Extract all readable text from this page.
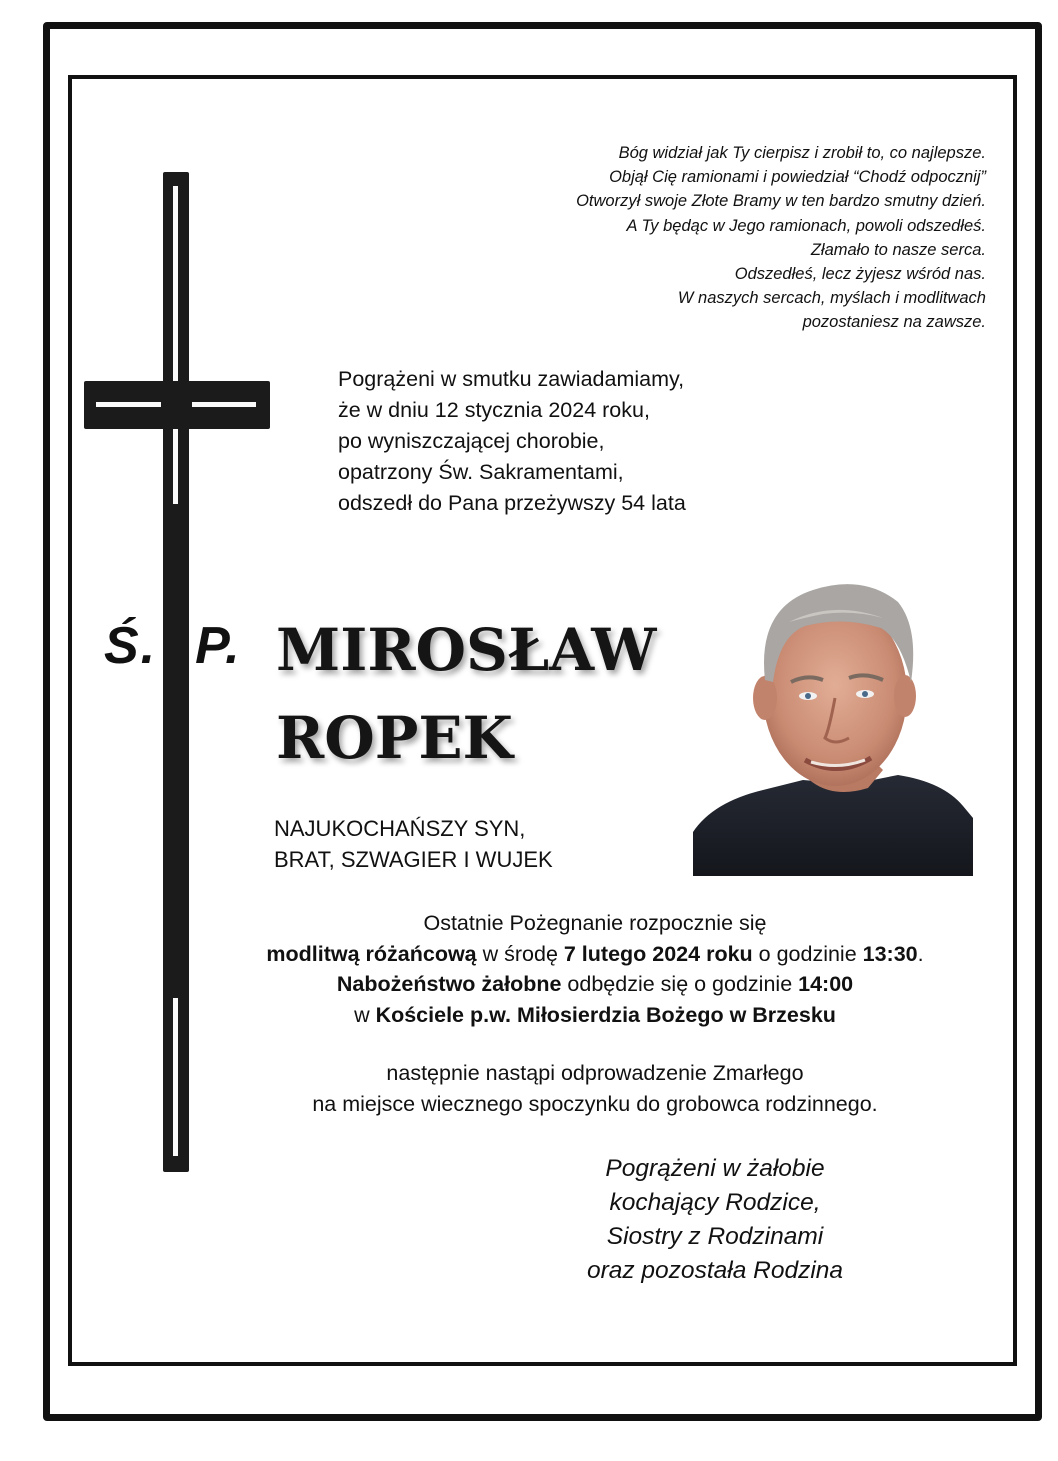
Bóg widział jak Ty cierpisz i zrobił to, co najlepsze.
Objął Cię ramionami i powiedział “Chodź odpocznij”
Otworzył swoje Złote Bramy w ten bardzo smutny dzień.
A Ty będąc w Jego ramionach, powoli odszedłeś.
Złamało to nasze serca.
Odszedłeś, lecz żyjesz wśród nas.
W naszych sercach, myślach i modlitwach
pozostaniesz na zawsze.
Pogrążeni w smutku zawiadamiamy,
że w dniu 12 stycznia 2024 roku,
po wyniszczającej chorobie,
opatrzony Św. Sakramentami,
odszedł do Pana przeżywszy 54 lata
Ś. P. MIROSŁAW
ROPEK
NAJUKOCHAŃSZY SYN,
BRAT, SZWAGIER I WUJEK
Ostatnie Pożegnanie rozpocznie się
modlitwą różańcową w środę 7 lutego 2024 roku o godzinie 13:30.
Nabożeństwo żałobne odbędzie się o godzinie 14:00
w Kościele p.w. Miłosierdzia Bożego w Brzesku
następnie nastąpi odprowadzenie Zmarłego
na miejsce wiecznego spoczynku do grobowca rodzinnego.
Pogrążeni w żałobie
kochający Rodzice,
Siostry z Rodzinami
oraz pozostała Rodzina
